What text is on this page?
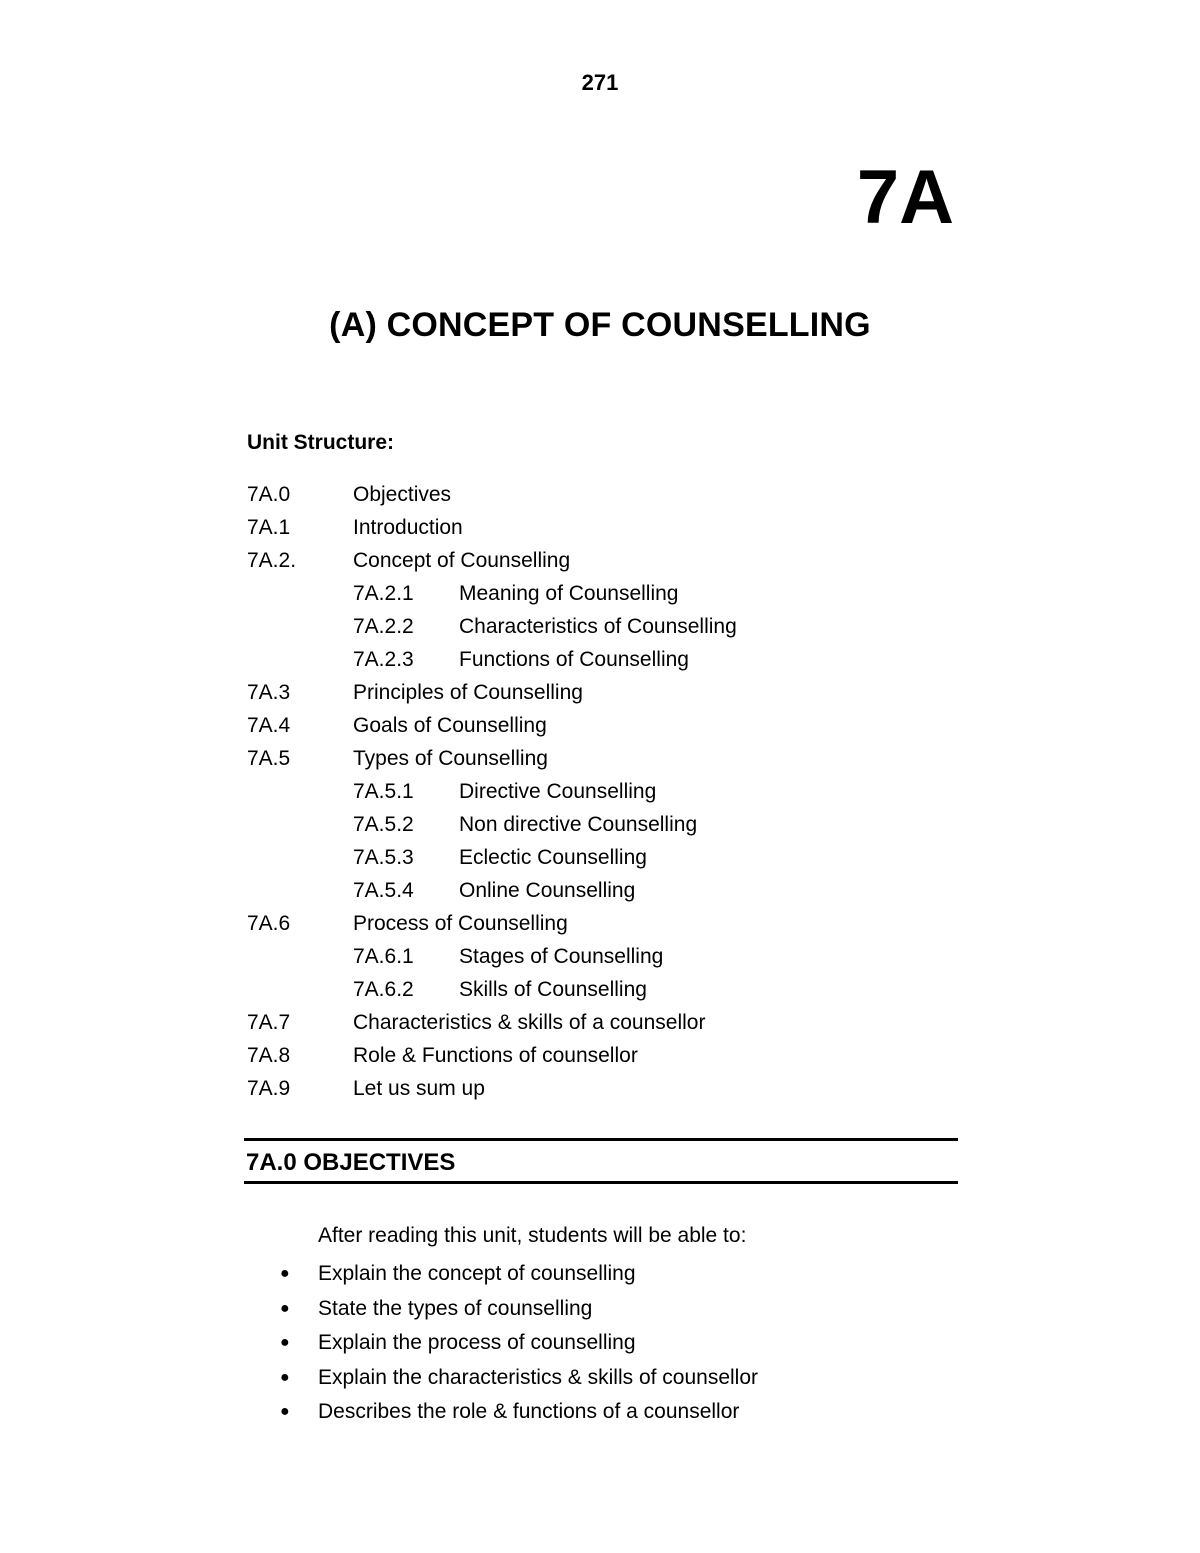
271
7A
(A) CONCEPT OF COUNSELLING
Unit Structure:
7A.0	Objectives
7A.1	Introduction
7A.2.	Concept of Counselling
7A.2.1 Meaning of Counselling
7A.2.2 Characteristics of Counselling
7A.2.3 Functions of Counselling
7A.3	Principles of Counselling
7A.4	Goals of Counselling
7A.5	Types of Counselling
7A.5.1 Directive Counselling
7A.5.2 Non directive Counselling
7A.5.3 Eclectic Counselling
7A.5.4 Online Counselling
7A.6	Process of Counselling
7A.6.1 Stages of Counselling
7A.6.2 Skills of Counselling
7A.7	Characteristics & skills of a counsellor
7A.8	Role & Functions of counsellor
7A.9	Let us sum up
7A.0 OBJECTIVES
After reading this unit, students will be able to:
● Explain the concept of counselling
● State the types of counselling
● Explain the process of counselling
● Explain the characteristics & skills of counsellor
● Describes the role & functions of a counsellor
